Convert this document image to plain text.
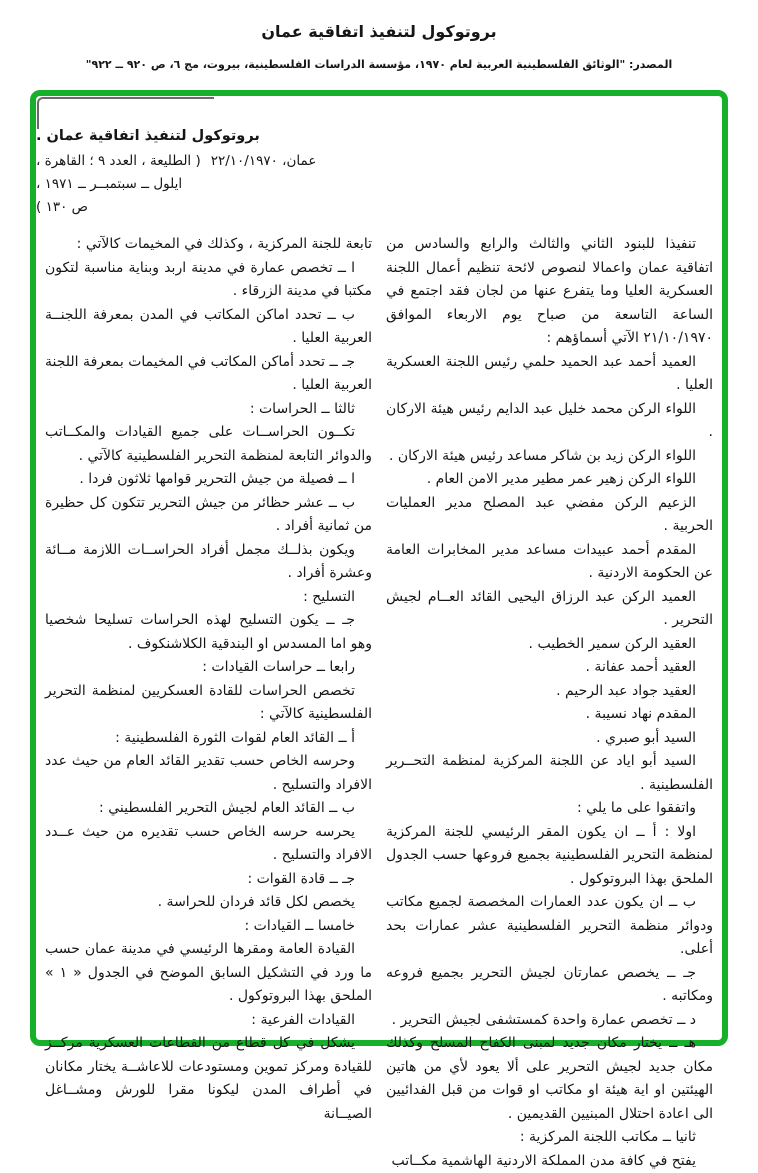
بروتوكول لتنفيذ اتفاقية عمان
المصدر: "الوثائق الفلسطينية العربية لعام ١٩٧٠، مؤسسة الدراسات الفلسطينية، بيروت، مج ٦، ص ٩٢٠ ــ ٩٢٢"
بروتوكول لتنفيذ اتفاقية عمان .
عمان، ٢٢/١٠/١٩٧٠
( الطليعة ، العدد ٩ ؛ القاهرة ،
ايلول ــ سبتمبــر ــ ١٩٧١ ،
ص ١٣٠ )
تنفيذا للبنود الثاني والثالث والرابع والسادس من اتفاقية عمان واعمالا لنصوص لائحة تنظيم أعمال اللجنة العسكرية العليا وما يتفرع عنها من لجان فقد اجتمع في الساعة التاسعة من صباح يوم الاربعاء الموافق ٢١/١٠/١٩٧٠ الآتي أسماؤهم :
العميد أحمد عبد الحميد حلمي رئيس اللجنة العسكرية العليا .
اللواء الركن محمد خليل عبد الدايم رئيس هيئة الاركان .
اللواء الركن زيد بن شاكر مساعد رئيس هيئة الاركان .
اللواء الركن زهير عمر مطير مدير الامن العام .
الزعيم الركن مفضي عبد المصلح مدير العمليات الحربية .
المقدم أحمد عبيدات مساعد مدير المخابرات العامة عن الحكومة الاردنية .
العميد الركن عبد الرزاق اليحيى القائد العــام لجيش التحرير .
العقيد الركن سمير الخطيب .
العقيد أحمد عفانة .
العقيد جواد عبد الرحيم .
المقدم نهاد نسيبة .
السيد أبو صبري .
السيد أبو اياد عن اللجنة المركزية لمنظمة التحــرير الفلسطينية .
واتفقوا على ما يلي :
اولا : أ ــ ان يكون المقر الرئيسي للجنة المركزية لمنظمة التحرير الفلسطينية بجميع فروعها حسب الجدول الملحق بهذا البروتوكول .
ب ــ ان يكون عدد العمارات المخصصة لجميع مكاتب ودوائر منظمة التحرير الفلسطينية عشر عمارات بحد أعلى.
جـ ــ يخصص عمارتان لجيش التحرير بجميع فروعه ومكاتبه .
د ــ تخصص عمارة واحدة كمستشفى لجيش التحرير .
هـ ــ يختار مكان جديد لمبنى الكفاح المسلح وكذلك مكان جديد لجيش التحرير على ألا يعود لأي من هاتين الهيئتين او اية هيئة او مكاتب او قوات من قبل الفدائيين الى اعادة احتلال المبنيين القديمين .
ثانيا ــ مكاتب اللجنة المركزية :
يفتح في كافة مدن المملكة الاردنية الهاشمية مكــاتب
تابعة للجنة المركزية ، وكذلك في المخيمات كالآتي :
ا ــ تخصص عمارة في مدينة اربد وبناية مناسبة لتكون مكتبا في مدينة الزرقاء .
ب ــ تحدد اماكن المكاتب في المدن بمعرفة اللجنــة العربية العليا .
جـ ــ تحدد أماكن المكاتب في المخيمات بمعرفة اللجنة العربية العليا .
ثالثا ــ الحراسات :
تكــون الحراســات على جميع القيادات والمكــاتب والدوائر التابعة لمنظمة التحرير الفلسطينية كالآتي .
ا ــ فصيلة من جيش التحرير قوامها ثلاثون فردا .
ب ــ عشر حظائر من جيش التحرير تتكون كل حظيرة من ثمانية أفراد .
ويكون بذلــك مجمل أفراد الحراســات اللازمة مــائة وعشرة أفراد .
التسليح :
جـ ــ يكون التسليح لهذه الحراسات تسليحا شخصيا وهو اما المسدس او البندقية الكلاشنكوف .
رابعا ــ حراسات القيادات :
تخصص الحراسات للقادة العسكريين لمنظمة التحرير الفلسطينية كالآتي :
أ ــ القائد العام لقوات الثورة الفلسطينية :
وحرسه الخاص حسب تقدير القائد العام من حيث عدد الافراد والتسليح .
ب ــ القائد العام لجيش التحرير الفلسطيني :
يحرسه حرسه الخاص حسب تقديره من حيث عــدد الافراد والتسليح .
جـ ــ قادة القوات :
يخصص لكل قائد فردان للحراسة .
خامسا ــ القيادات :
القيادة العامة ومقرها الرئيسي في مدينة عمان حسب ما ورد في التشكيل السابق الموضح في الجدول « ١ » الملحق بهذا البروتوكول .
القيادات الفرعية :
يشكل في كل قطاع من القطاعات العسكرية مركــز للقيادة ومركز تموين ومستودعات للاعاشــة يختار مكانان في أطراف المدن ليكونا مقرا للورش ومشــاغل الصيــانة
